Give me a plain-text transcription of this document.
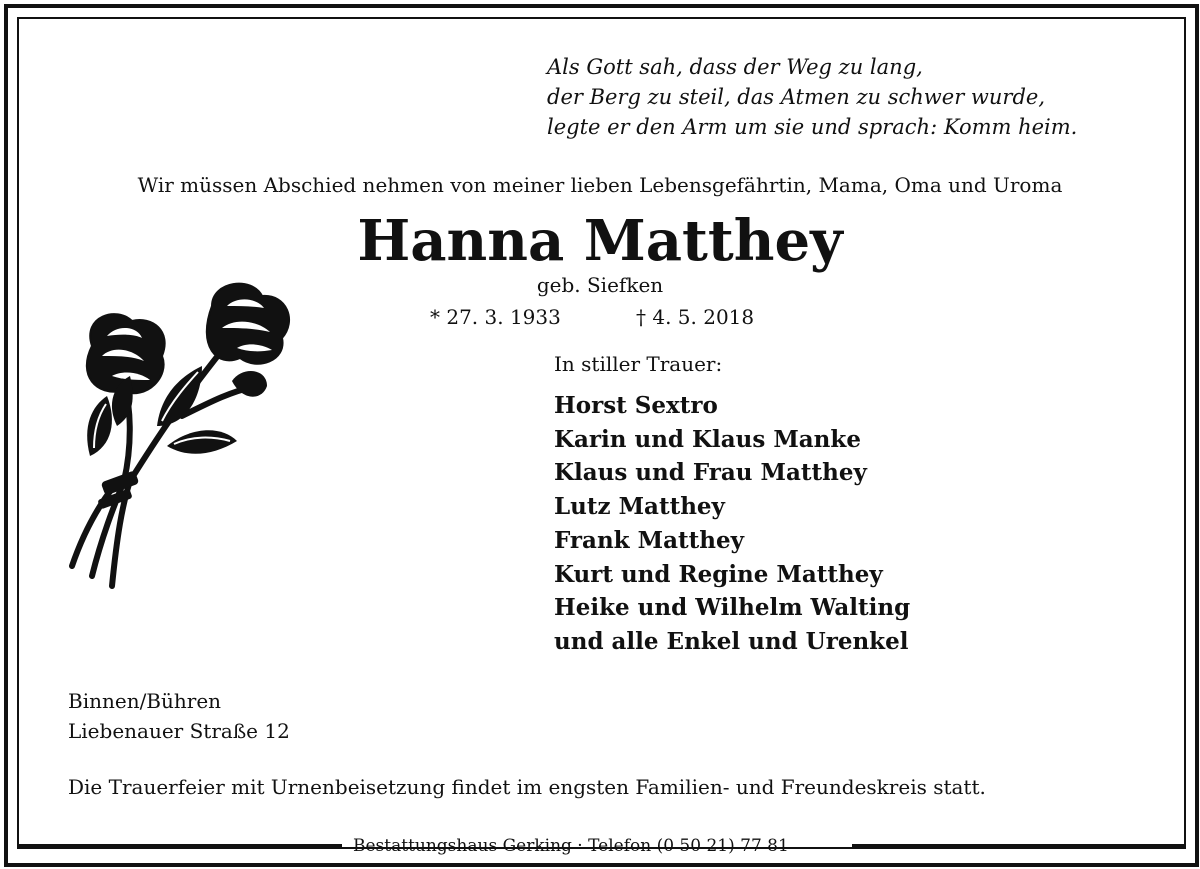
Als Gott sah, dass der Weg zu lang,
der Berg zu steil, das Atmen zu schwer wurde,
legte er den Arm um sie und sprach: Komm heim.
Wir müssen Abschied nehmen von meiner lieben Lebensgefährtin, Mama, Oma und Uroma
Hanna Matthey
geb. Siefken
* 27. 3. 1933	† 4. 5. 2018
In stiller Trauer:
Horst Sextro
Karin und Klaus Manke
Klaus und Frau Matthey
Lutz Matthey
Frank Matthey
Kurt und Regine Matthey
Heike und Wilhelm Walting
und alle Enkel und Urenkel
Binnen/Bühren
Liebenauer Straße 12
Die Trauerfeier mit Urnenbeisetzung findet im engsten Familien- und Freundeskreis statt.
Bestattungshaus Gerking · Telefon (0 50 21) 77 81
